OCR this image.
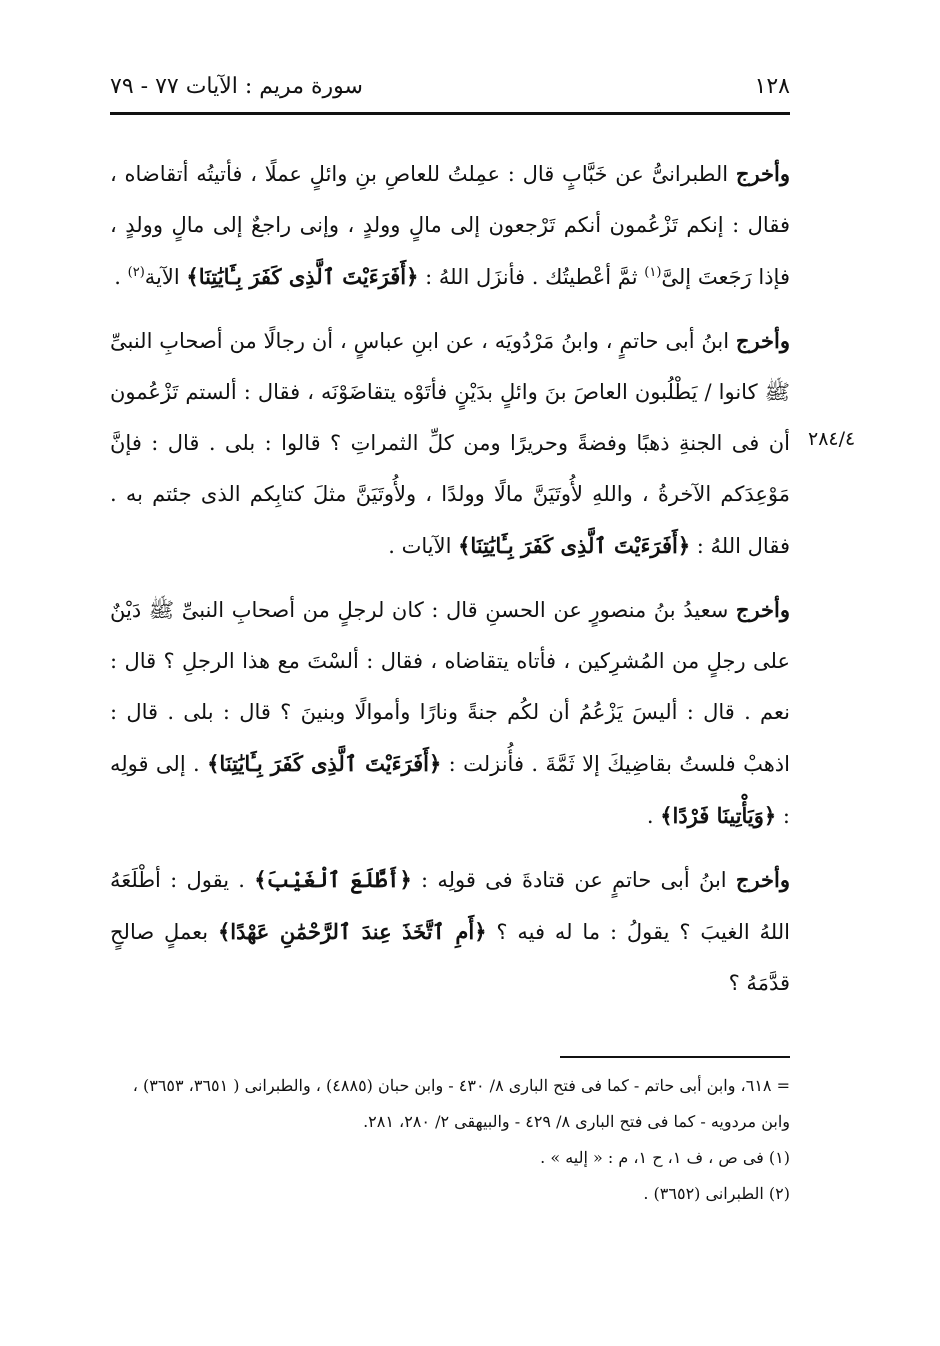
١٢٨
سورة مريم : الآيات ٧٧ - ٧٩
٢٨٤/٤

وأخرج الطبرانىُّ عن خَبَّابٍ قال : عمِلتُ للعاصِ بنِ وائلٍ عملًا ، فأتيتُه أتقاضاه ، فقال : إنكم تَزْعُمون أنكم تَرْجعون إلى مالٍ وولدٍ ، وإنى راجعٌ إلى مالٍ وولدٍ ، فإذا رَجَعتَ إلىَّ$^{(١)}$ ثمَّ أعْطيتُك . فأنزَل اللهُ : ﴿أَفَرَءَيْتَ ٱلَّذِى كَفَرَ بِـَٔايَٰتِنَا﴾ الآية$^{(٢)}$ .

وأخرج ابنُ أبى حاتمٍ ، وابنُ مَرْدُويَه ، عن ابنِ عباسٍ ، أن رجالًا من أصحابِ النبىِّ ﷺ كانوا / يَطْلُبون العاصَ بنَ وائلٍ بدَيْنٍ فأتَوْه يتقاضَوْنَه ، فقال : ألستم تَزْعُمون أن فى الجنةِ ذهبًا وفضةً وحريرًا ومن كلِّ الثمراتِ ؟ قالوا : بلى . قال : فإنَّ مَوْعِدَكم الآخرةُ ، واللهِ لأُوتَيَنَّ مالًا وولدًا ، ولأُوتَيَنَّ مثلَ كتابِكم الذى جئتم به . فقال اللهُ : ﴿أَفَرَءَيْتَ ٱلَّذِى كَفَرَ بِـَٔايَٰتِنَا﴾ الآيات .

وأخرج سعيدُ بنُ منصورٍ عن الحسنِ قال : كان لرجلٍ من أصحابِ النبىِّ ﷺ دَيْنٌ على رجلٍ من المُشرِكين ، فأتاه يتقاضاه ، فقال : ألسْتَ مع هذا الرجلِ ؟ قال : نعم . قال : أليسَ يَزْعُمُ أن لكُم جنةً ونارًا وأموالًا وبنينَ ؟ قال : بلى . قال : اذهبْ فلستُ بقاضِيكَ إلا ثَمَّةَ . فأُنزلت : ﴿أَفَرَءَيْتَ ٱلَّذِى كَفَرَ بِـَٔايَٰتِنَا﴾ . إلى قولِه : ﴿وَيَأْتِينَا فَرْدًا﴾ .

وأخرج ابنُ أبى حاتمٍ عن قتادةَ فى قولِه : ﴿أَطَّلَعَ ٱلْغَيْبَ﴾ . يقول : أطْلَعَهُ اللهُ الغيبَ ؟ يقولُ : ما له فيه ؟ ﴿أَمِ ٱتَّخَذَ عِندَ ٱلرَّحْمَٰنِ عَهْدًا﴾ بعملٍ صالحٍ قدَّمَهُ ؟

= ٦١٨، وابن أبى حاتم - كما فى فتح البارى ٨/ ٤٣٠ - وابن حبان (٤٨٨٥) ، والطبرانى ( ٣٦٥١، ٣٦٥٣) ، وابن مردويه - كما فى فتح البارى ٨/ ٤٢٩ - والبيهقى ٢/ ٢٨٠، ٢٨١.

(١) فى ص ، ف ١، ح ١، م : « إليه » .

(٢) الطبرانى (٣٦٥٢) .
